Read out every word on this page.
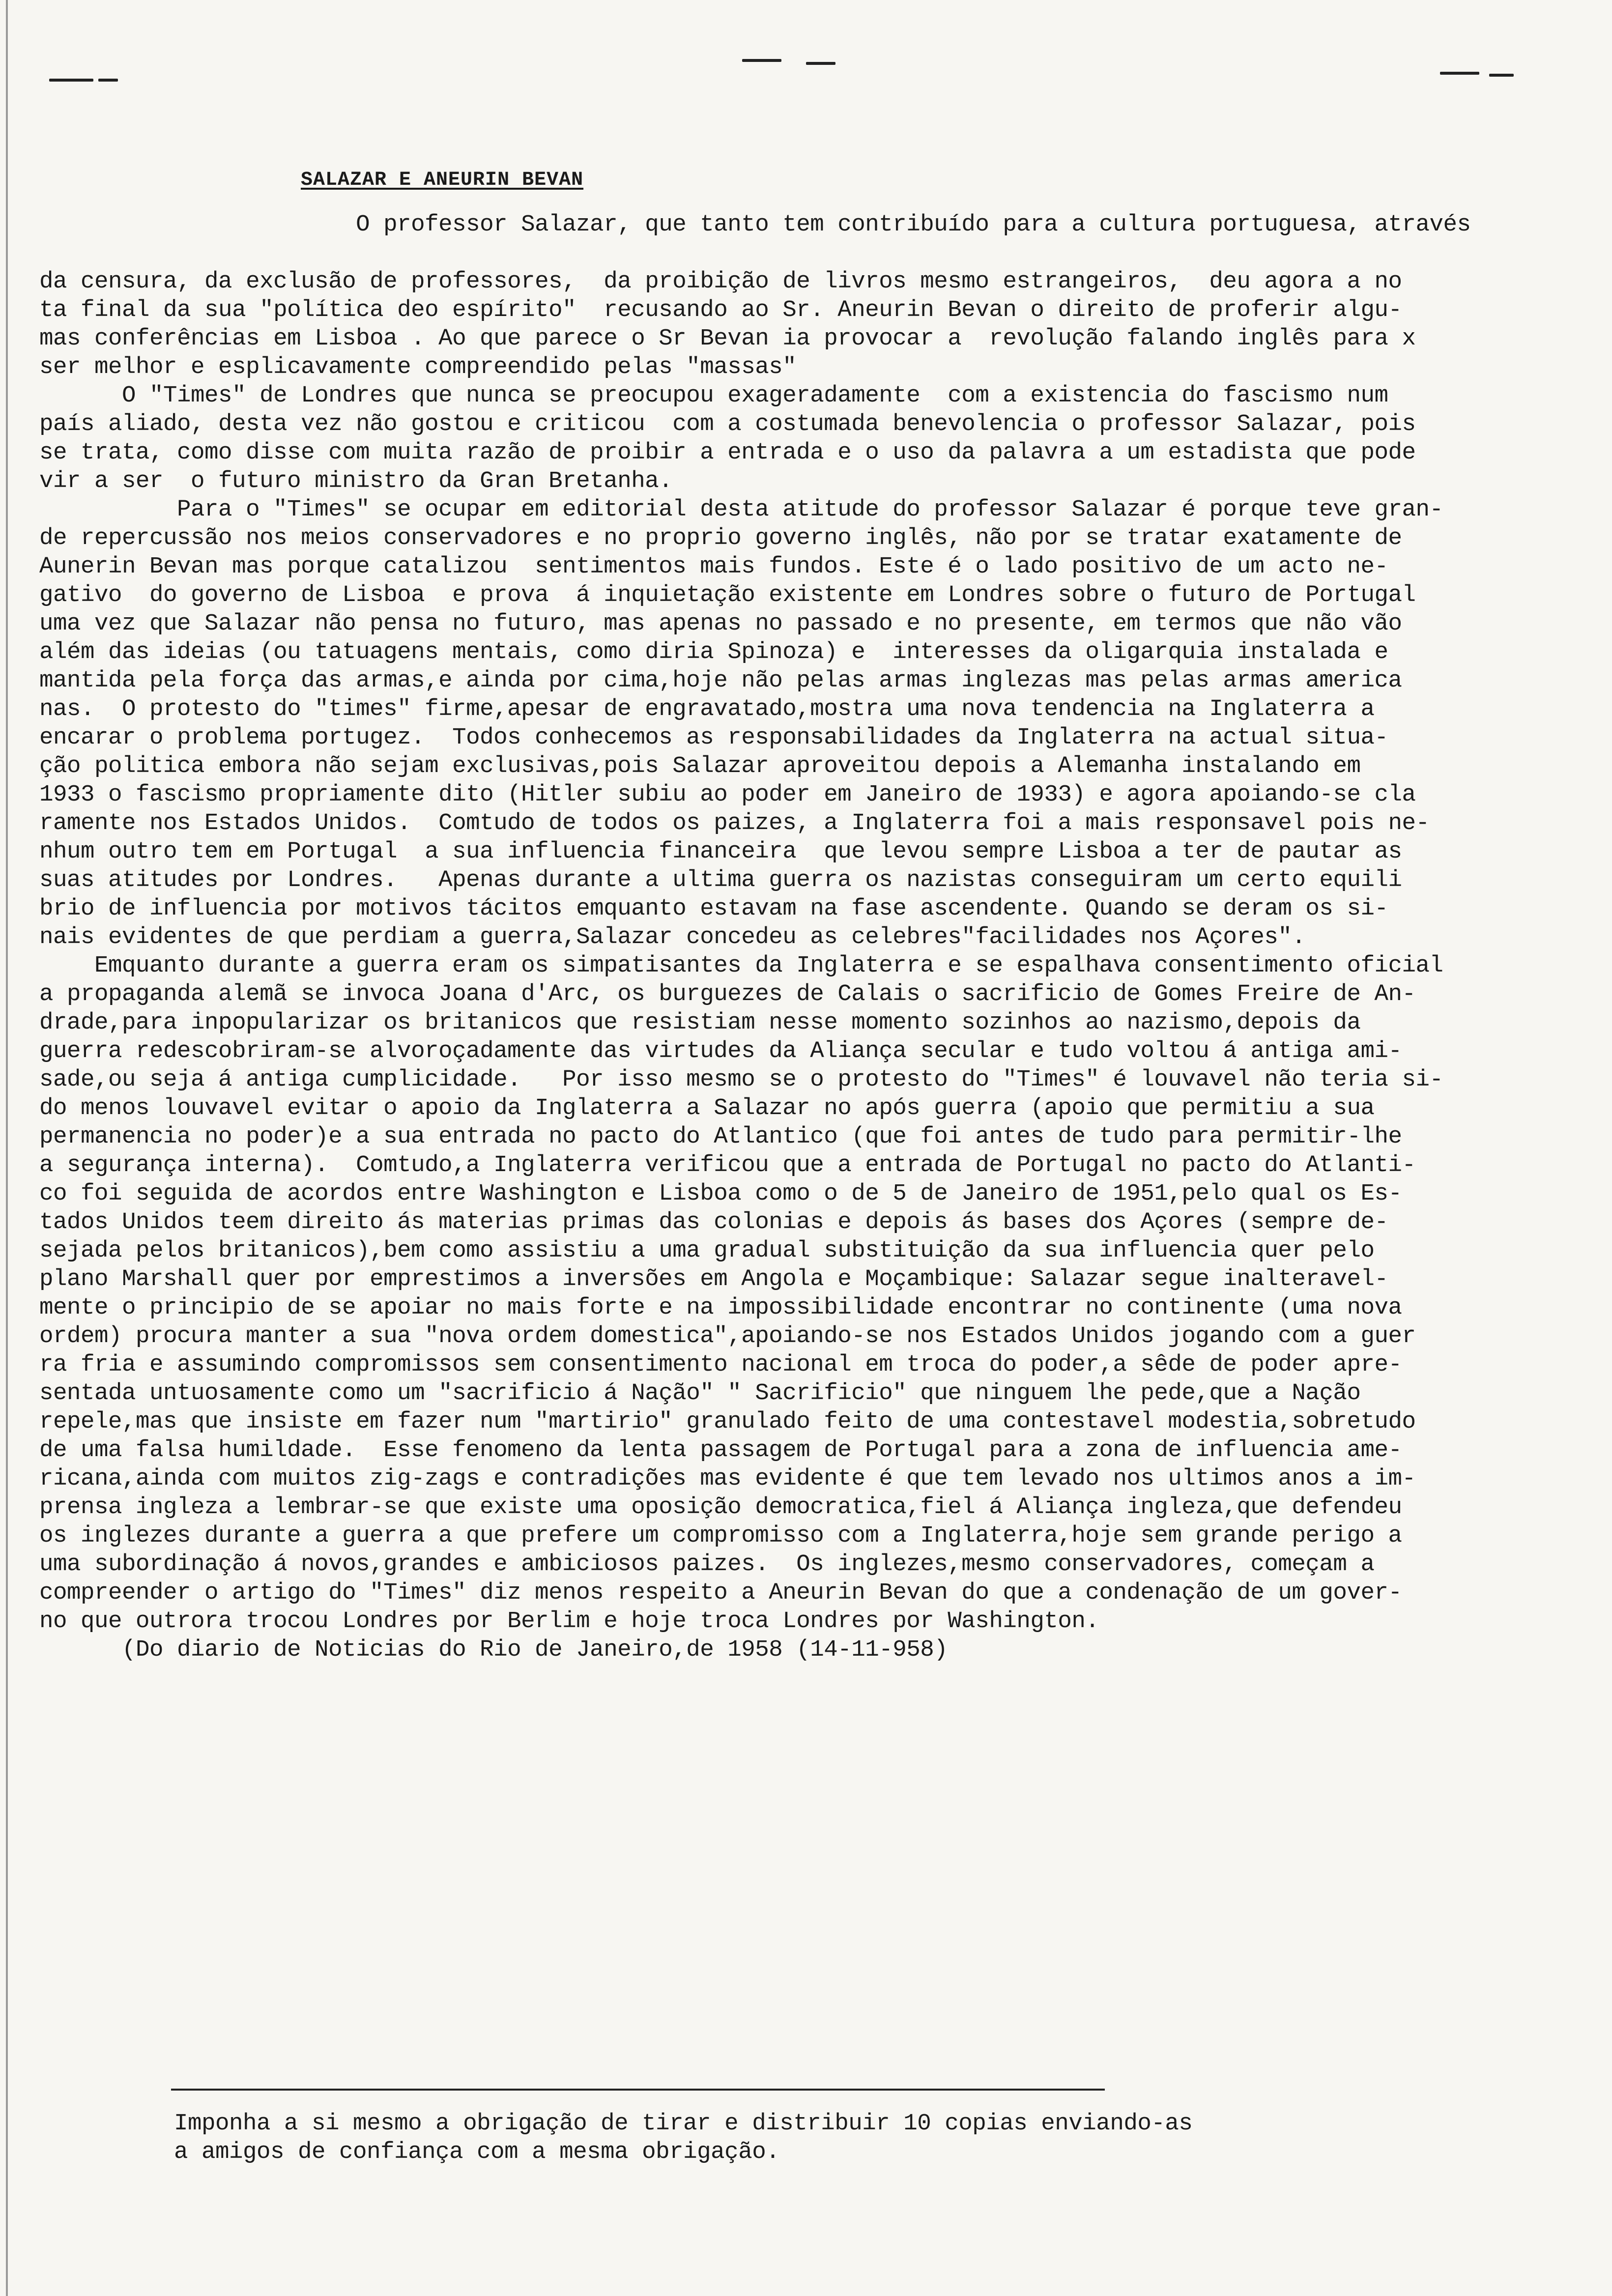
SALAZAR E ANEURIN BEVAN
O professor Salazar, que tanto tem contribuído para a cultura portuguesa, através

da censura, da exclusão de professores,  da proibição de livros mesmo estrangeiros,  deu agora a no
ta final da sua "política deo espírito"  recusando ao Sr. Aneurin Bevan o direito de proferir algu-
mas conferências em Lisboa . Ao que parece o Sr Bevan ia provocar a  revolução falando inglês para x
ser melhor e esplicavamente compreendido pelas "massas"
O "Times" de Londres que nunca se preocupou exageradamente  com a existencia do fascismo num
país aliado, desta vez não gostou e criticou  com a costumada benevolencia o professor Salazar, pois
se trata, como disse com muita razão de proibir a entrada e o uso da palavra a um estadista que pode
vir a ser  o futuro ministro da Gran Bretanha.
Para o "Times" se ocupar em editorial desta atitude do professor Salazar é porque teve gran-
de repercussão nos meios conservadores e no proprio governo inglês, não por se tratar exatamente de
Aunerin Bevan mas porque catalizou  sentimentos mais fundos. Este é o lado positivo de um acto ne-
gativo  do governo de Lisboa  e prova  á inquietação existente em Londres sobre o futuro de Portugal
uma vez que Salazar não pensa no futuro, mas apenas no passado e no presente, em termos que não vão
além das ideias (ou tatuagens mentais, como diria Spinoza) e  interesses da oligarquia instalada e
mantida pela força das armas,e ainda por cima,hoje não pelas armas inglezas mas pelas armas america
nas.  O protesto do "times" firme,apesar de engravatado,mostra uma nova tendencia na Inglaterra a
encarar o problema portugez.  Todos conhecemos as responsabilidades da Inglaterra na actual situa-
ção politica embora não sejam exclusivas,pois Salazar aproveitou depois a Alemanha instalando em
1933 o fascismo propriamente dito (Hitler subiu ao poder em Janeiro de 1933) e agora apoiando-se cla
ramente nos Estados Unidos.  Comtudo de todos os paizes, a Inglaterra foi a mais responsavel pois ne-
nhum outro tem em Portugal  a sua influencia financeira  que levou sempre Lisboa a ter de pautar as
suas atitudes por Londres.   Apenas durante a ultima guerra os nazistas conseguiram um certo equili
brio de influencia por motivos tácitos emquanto estavam na fase ascendente. Quando se deram os si-
nais evidentes de que perdiam a guerra,Salazar concedeu as celebres"facilidades nos Açores".
Emquanto durante a guerra eram os simpatisantes da Inglaterra e se espalhava consentimento oficial
a propaganda alemã se invoca Joana d'Arc, os burguezes de Calais o sacrificio de Gomes Freire de An-
drade,para inpopularizar os britanicos que resistiam nesse momento sozinhos ao nazismo,depois da
guerra redescobriram-se alvoroçadamente das virtudes da Aliança secular e tudo voltou á antiga ami-
sade,ou seja á antiga cumplicidade.   Por isso mesmo se o protesto do "Times" é louvavel não teria si-
do menos louvavel evitar o apoio da Inglaterra a Salazar no após guerra (apoio que permitiu a sua
permanencia no poder)e a sua entrada no pacto do Atlantico (que foi antes de tudo para permitir-lhe
a segurança interna).  Comtudo,a Inglaterra verificou que a entrada de Portugal no pacto do Atlanti-
co foi seguida de acordos entre Washington e Lisboa como o de 5 de Janeiro de 1951,pelo qual os Es-
tados Unidos teem direito ás materias primas das colonias e depois ás bases dos Açores (sempre de-
sejada pelos britanicos),bem como assistiu a uma gradual substituição da sua influencia quer pelo
plano Marshall quer por emprestimos a inversões em Angola e Moçambique: Salazar segue inalteravel-
mente o principio de se apoiar no mais forte e na impossibilidade encontrar no continente (uma nova
ordem) procura manter a sua "nova ordem domestica",apoiando-se nos Estados Unidos jogando com a guer
ra fria e assumindo compromissos sem consentimento nacional em troca do poder,a sêde de poder apre-
sentada untuosamente como um "sacrificio á Nação" " Sacrificio" que ninguem lhe pede,que a Nação
repele,mas que insiste em fazer num "martirio" granulado feito de uma contestavel modestia,sobretudo
de uma falsa humildade.  Esse fenomeno da lenta passagem de Portugal para a zona de influencia ame-
ricana,ainda com muitos zig-zags e contradições mas evidente é que tem levado nos ultimos anos a im-
prensa ingleza a lembrar-se que existe uma oposição democratica,fiel á Aliança ingleza,que defendeu
os inglezes durante a guerra a que prefere um compromisso com a Inglaterra,hoje sem grande perigo a
uma subordinação á novos,grandes e ambiciosos paizes.  Os inglezes,mesmo conservadores, começam a
compreender o artigo do "Times" diz menos respeito a Aneurin Bevan do que a condenação de um gover-
no que outrora trocou Londres por Berlim e hoje troca Londres por Washington.
(Do diario de Noticias do Rio de Janeiro,de 1958 (14-11-958)
Imponha a si mesmo a obrigação de tirar e distribuir 10 copias enviando-as
a amigos de confiança com a mesma obrigação.
